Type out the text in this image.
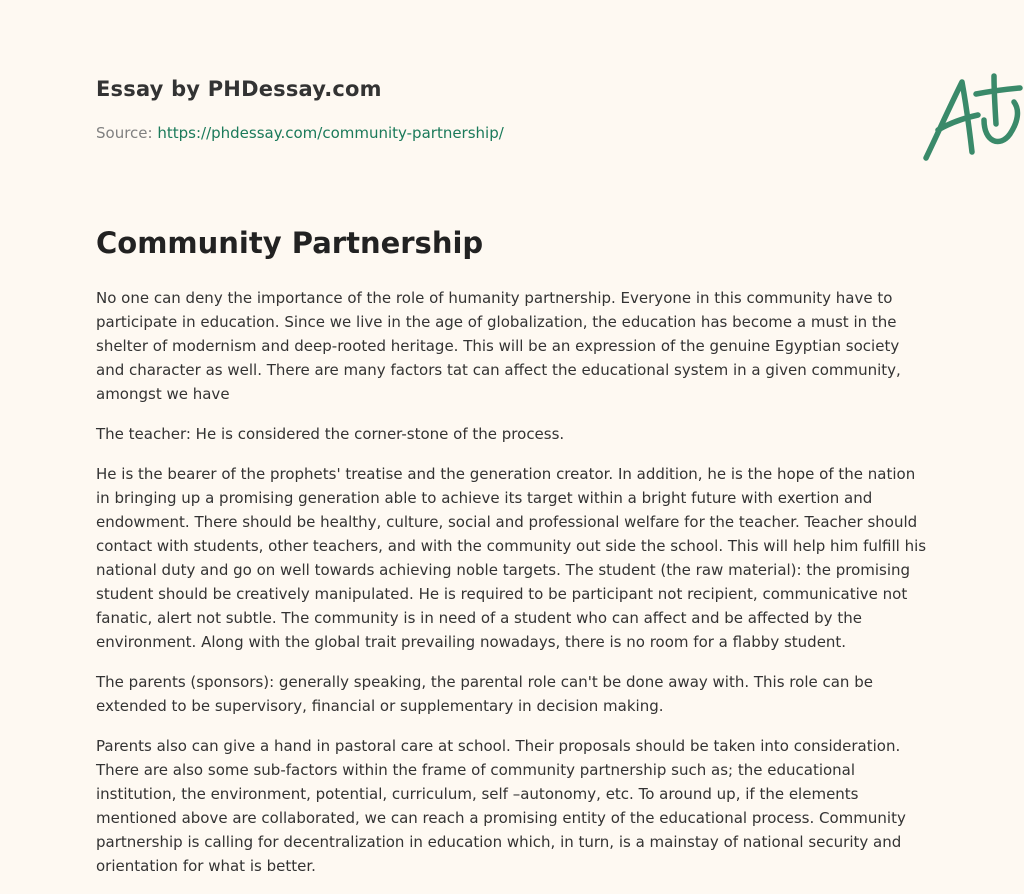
Essay by PHDessay.com
Source: https://phdessay.com/community-partnership/
Community Partnership

No one can deny the importance of the role of humanity partnership. Everyone in this community have to participate in education. Since we live in the age of globalization, the education has become a must in the shelter of modernism and deep-rooted heritage. This will be an expression of the genuine Egyptian society and character as well. There are many factors tat can affect the educational system in a given community, amongst we have

The teacher: He is considered the corner-stone of the process.

He is the bearer of the prophets' treatise and the generation creator. In addition, he is the hope of the nation in bringing up a promising generation able to achieve its target within a bright future with exertion and endowment. There should be healthy, culture, social and professional welfare for the teacher. Teacher should contact with students, other teachers, and with the community out side the school. This will help him fulfill his national duty and go on well towards achieving noble targets. The student (the raw material): the promising student should be creatively manipulated. He is required to be participant not recipient, communicative not fanatic, alert not subtle. The community is in need of a student who can affect and be affected by the environment. Along with the global trait prevailing nowadays, there is no room for a flabby student.

The parents (sponsors): generally speaking, the parental role can't be done away with. This role can be extended to be supervisory, financial or supplementary in decision making.

Parents also can give a hand in pastoral care at school. Their proposals should be taken into consideration. There are also some sub-factors within the frame of community partnership such as; the educational institution, the environment, potential, curriculum, self –autonomy, etc. To around up, if the elements mentioned above are collaborated, we can reach a promising entity of the educational process. Community partnership is calling for decentralization in education which, in turn, is a mainstay of national security and orientation for what is better.
